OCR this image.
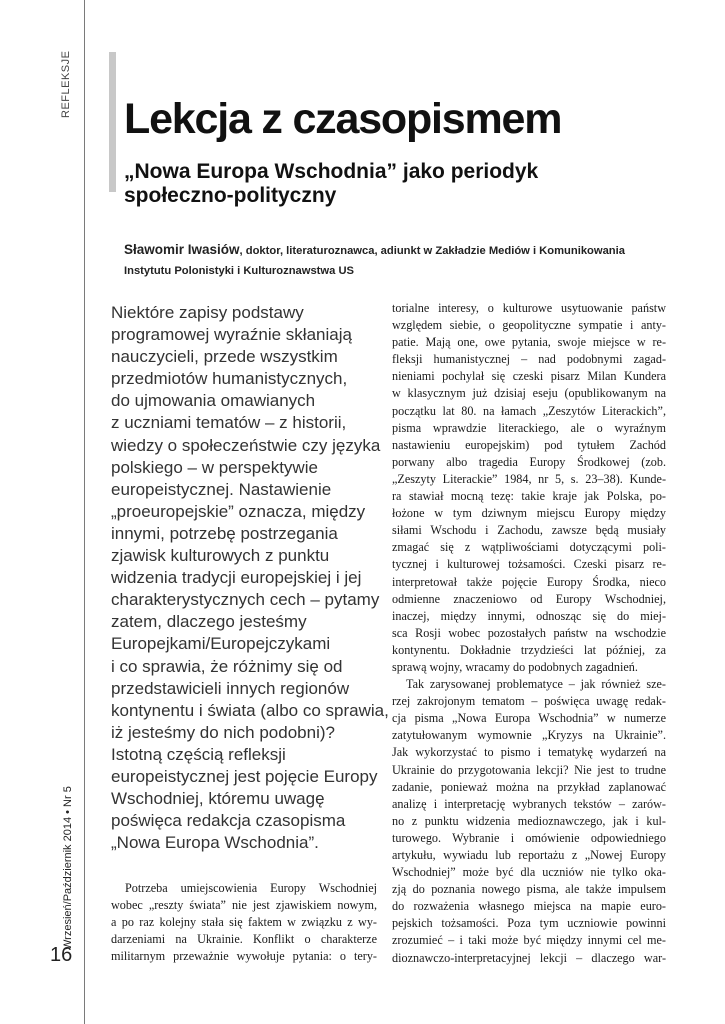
REFLEKSJE
Wrzesień/Październik 2014 • Nr 5
16
Lekcja z czasopismem
„Nowa Europa Wschodnia” jako periodyk społeczno-polityczny
Sławomir Iwasiów, doktor, literaturoznawca, adiunkt w Zakładzie Mediów i Komunikowania Instytutu Polonistyki i Kulturoznawstwa US
Niektóre zapisy podstawy
programowej wyraźnie skłaniają
nauczycieli, przede wszystkim
przedmiotów humanistycznych,
do ujmowania omawianych
z uczniami tematów – z historii,
wiedzy o społeczeństwie czy języka
polskiego – w perspektywie
europeistycznej. Nastawienie
„proeuropejskie” oznacza, między
innymi, potrzebę postrzegania
zjawisk kulturowych z punktu
widzenia tradycji europejskiej i jej
charakterystycznych cech – pytamy
zatem, dlaczego jesteśmy
Europejkami/Europejczykami
i co sprawia, że różnimy się od
przedstawicieli innych regionów
kontynentu i świata (albo co sprawia,
iż jesteśmy do nich podobni)?
Istotną częścią refleksji
europeistycznej jest pojęcie Europy
Wschodniej, któremu uwagę
poświęca redakcja czasopisma
„Nowa Europa Wschodnia”.
Potrzeba umiejscowienia Europy Wschodniej
wobec „reszty świata” nie jest zjawiskiem nowym,
a po raz kolejny stała się faktem w związku z wy-
darzeniami na Ukrainie. Konflikt o charakterze
militarnym przeważnie wywołuje pytania: o tery-
torialne interesy, o kulturowe usytuowanie państw
względem siebie, o geopolityczne sympatie i anty-
patie. Mają one, owe pytania, swoje miejsce w re-
fleksji humanistycznej – nad podobnymi zagad-
nieniami pochylał się czeski pisarz Milan Kundera
w klasycznym już dzisiaj eseju (opublikowanym na
początku lat 80. na łamach „Zeszytów Literackich”,
pisma wprawdzie literackiego, ale o wyraźnym
nastawieniu europejskim) pod tytułem Zachód
porwany albo tragedia Europy Środkowej (zob.
„Zeszyty Literackie” 1984, nr 5, s. 23–38). Kunde-
ra stawiał mocną tezę: takie kraje jak Polska, po-
łożone w tym dziwnym miejscu Europy między
siłami Wschodu i Zachodu, zawsze będą musiały
zmagać się z wątpliwościami dotyczącymi poli-
tycznej i kulturowej tożsamości. Czeski pisarz re-
interpretował także pojęcie Europy Środka, nieco
odmienne znaczeniowo od Europy Wschodniej,
inaczej, między innymi, odnosząc się do miej-
sca Rosji wobec pozostałych państw na wschodzie
kontynentu. Dokładnie trzydzieści lat później, za
sprawą wojny, wracamy do podobnych zagadnień.
Tak zarysowanej problematyce – jak również sze-
rzej zakrojonym tematom – poświęca uwagę redak-
cja pisma „Nowa Europa Wschodnia” w numerze
zatytułowanym wymownie „Kryzys na Ukrainie”.
Jak wykorzystać to pismo i tematykę wydarzeń na
Ukrainie do przygotowania lekcji? Nie jest to trudne
zadanie, ponieważ można na przykład zaplanować
analizę i interpretację wybranych tekstów – zarów-
no z punktu widzenia medioznawczego, jak i kul-
turowego. Wybranie i omówienie odpowiedniego
artykułu, wywiadu lub reportażu z „Nowej Europy
Wschodniej” może być dla uczniów nie tylko oka-
zją do poznania nowego pisma, ale także impulsem
do rozważenia własnego miejsca na mapie euro-
pejskich tożsamości. Poza tym uczniowie powinni
zrozumieć – i taki może być między innymi cel me-
dioznawczo-interpretacyjnej lekcji – dlaczego war-
